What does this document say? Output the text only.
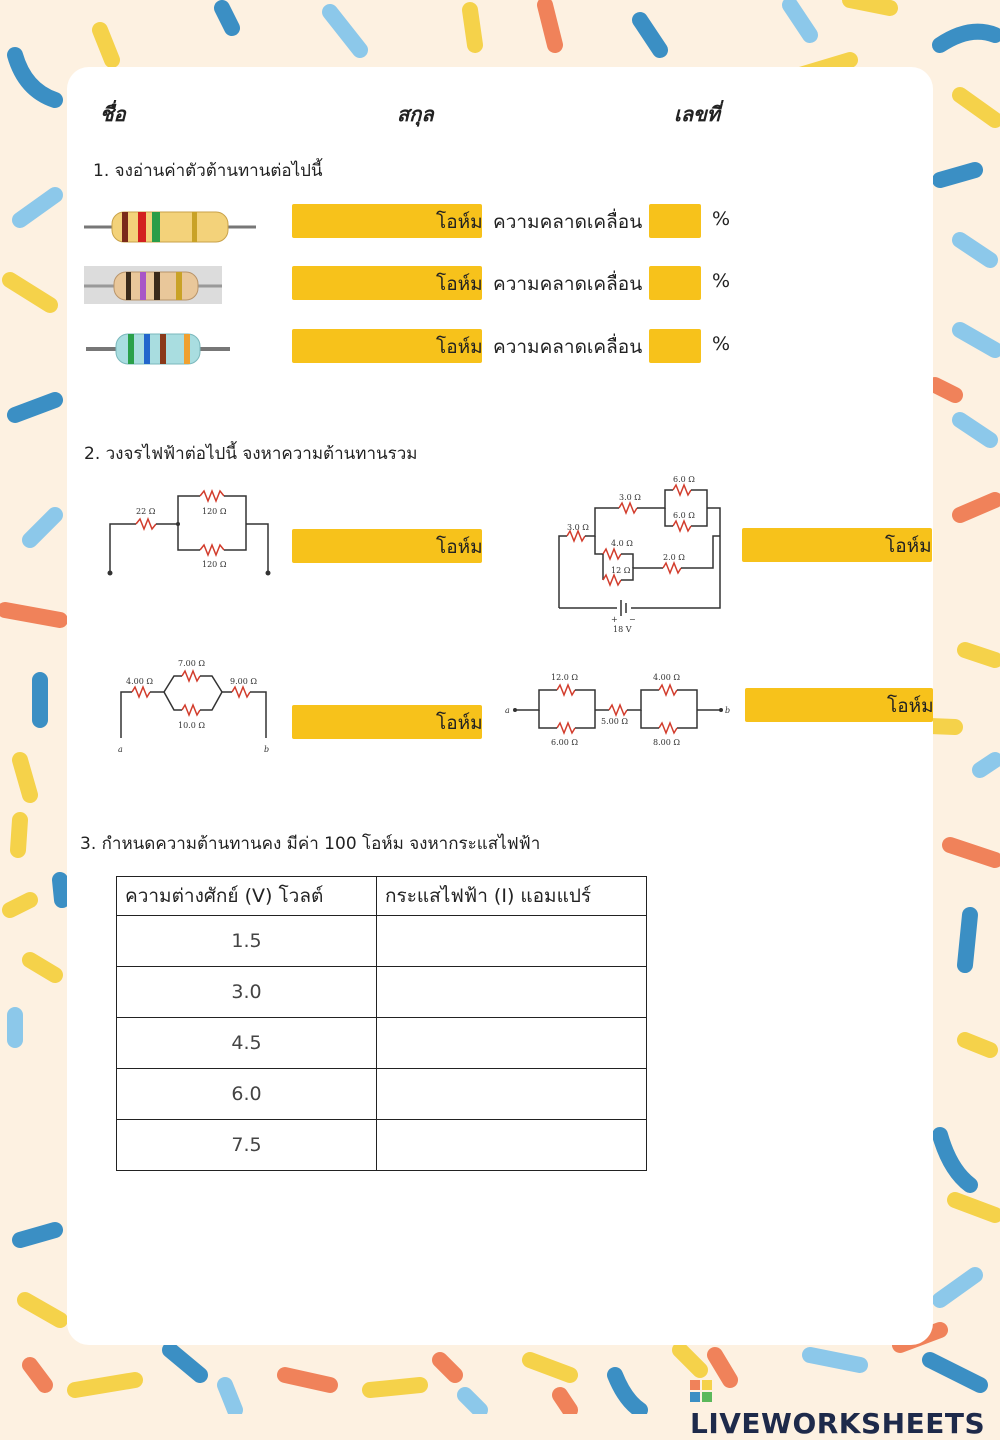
ชื่อ	สกุล	เลขที่
1. จงอ่านค่าตัวต้านทานต่อไปนี้
โอห์ม ความคลาดเคลื่อน	%
โอห์ม ความคลาดเคลื่อน	%
โอห์ม ความคลาดเคลื่อน	%
2. วงจรไฟฟ้าต่อไปนี้ จงหาความต้านทานรวม
22 Ω	120 Ω
120 Ω
โอห์ม
3.0 Ω
3.0 Ω
6.0 Ω
6.0 Ω
4.0 Ω
12 Ω
2.0 Ω
+ −
18 V
โอห์ม
4.00 Ω
7.00 Ω
10.0 Ω
9.00 Ω
a	b
โอห์ม
12.0 Ω
6.00 Ω
5.00 Ω
4.00 Ω
8.00 Ω
a	b	โอห์ม
3. กำหนดความต้านทานคง มีค่า 100 โอห์ม จงหากระแสไฟฟ้า
ความต่างศักย์ (V) โวลต์	กระแสไฟฟ้า (I) แอมแปร์
1.5	
3.0	
4.5	
6.0	
7.5	
LIVEWORKSHEETS
